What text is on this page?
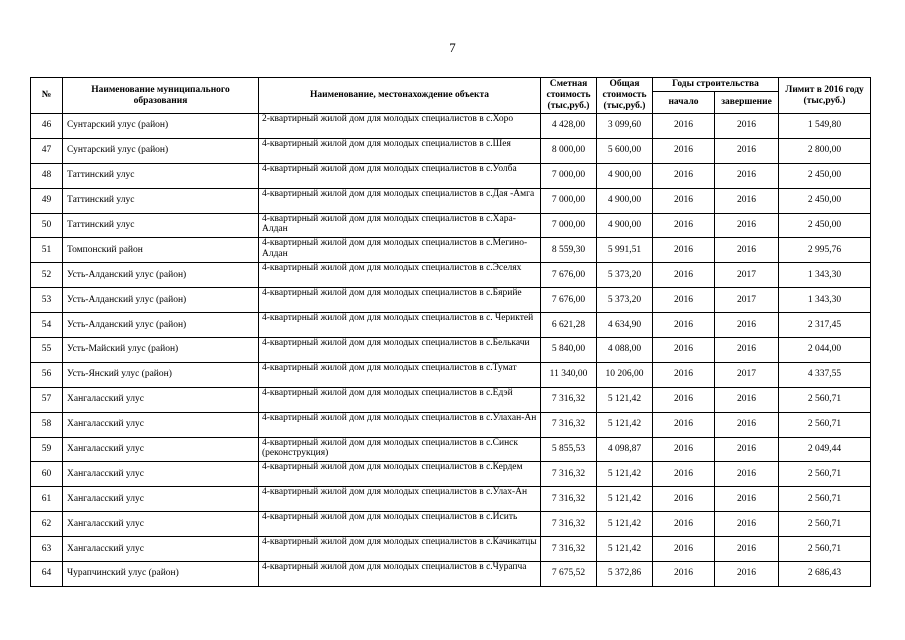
7
№	Наименование муниципального образования	Наименование, местонахождение объекта	Сметная стоимость (тыс,руб.)	Общая стоимость (тыс,руб.)	Годы строительства		Лимит в 2016 году (тыс,руб.)
					начало	завершение	
46	Сунтарский улус (район)	2-квартирный жилой дом для молодых специалистов в с.Хоро	4 428,00	3 099,60	2016	2016	1 549,80
47	Сунтарский улус (район)	4-квартирный жилой дом для молодых специалистов в с.Шея	8 000,00	5 600,00	2016	2016	2 800,00
48	Таттинский улус	4-квартирный жилой дом для молодых специалистов в с.Уолба	7 000,00	4 900,00	2016	2016	2 450,00
49	Таттинский улус	4-квартирный жилой дом для молодых специалистов в с.Дая -Амга	7 000,00	4 900,00	2016	2016	2 450,00
50	Таттинский улус	4-квартирный жилой дом для молодых специалистов в с.Хара-Алдан	7 000,00	4 900,00	2016	2016	2 450,00
51	Томпонский район	4-квартирный жилой дом для молодых специалистов в с.Мегино-Алдан	8 559,30	5 991,51	2016	2016	2 995,76
52	Усть-Алданский улус (район)	4-квартирный жилой дом для молодых специалистов в с.Эселях	7 676,00	5 373,20	2016	2017	1 343,30
53	Усть-Алданский улус (район)	4-квартирный жилой дом для молодых специалистов в с.Бярийе	7 676,00	5 373,20	2016	2017	1 343,30
54	Усть-Алданский улус (район)	4-квартирный жилой дом для молодых специалистов в с. Чериктей	6 621,28	4 634,90	2016	2016	2 317,45
55	Усть-Майский улус (район)	4-квартирный жилой дом для молодых специалистов в с.Белькачи	5 840,00	4 088,00	2016	2016	2 044,00
56	Усть-Янский улус (район)	4-квартирный жилой дом для молодых специалистов в с.Тумат	11 340,00	10 206,00	2016	2017	4 337,55
57	Хангаласский улус	4-квартирный жилой дом для молодых специалистов в с.Едэй	7 316,32	5 121,42	2016	2016	2 560,71
58	Хангаласский улус	4-квартирный жилой дом для молодых специалистов в с.Улахан-Ан	7 316,32	5 121,42	2016	2016	2 560,71
59	Хангаласский улус	4-квартирный жилой дом для молодых специалистов в с.Синск (реконструкция)	5 855,53	4 098,87	2016	2016	2 049,44
60	Хангаласский улус	4-квартирный жилой дом для молодых специалистов в с.Кердем	7 316,32	5 121,42	2016	2016	2 560,71
61	Хангаласский улус	4-квартирный жилой дом для молодых специалистов в с.Улах-Ан	7 316,32	5 121,42	2016	2016	2 560,71
62	Хангаласский улус	4-квартирный жилой дом для молодых специалистов в с.Исить	7 316,32	5 121,42	2016	2016	2 560,71
63	Хангаласский улус	4-квартирный жилой дом для молодых специалистов в с.Качикатцы	7 316,32	5 121,42	2016	2016	2 560,71
64	Чурапчинский улус (район)	4-квартирный жилой дом для молодых специалистов в с.Чурапча	7 675,52	5 372,86	2016	2016	2 686,43
